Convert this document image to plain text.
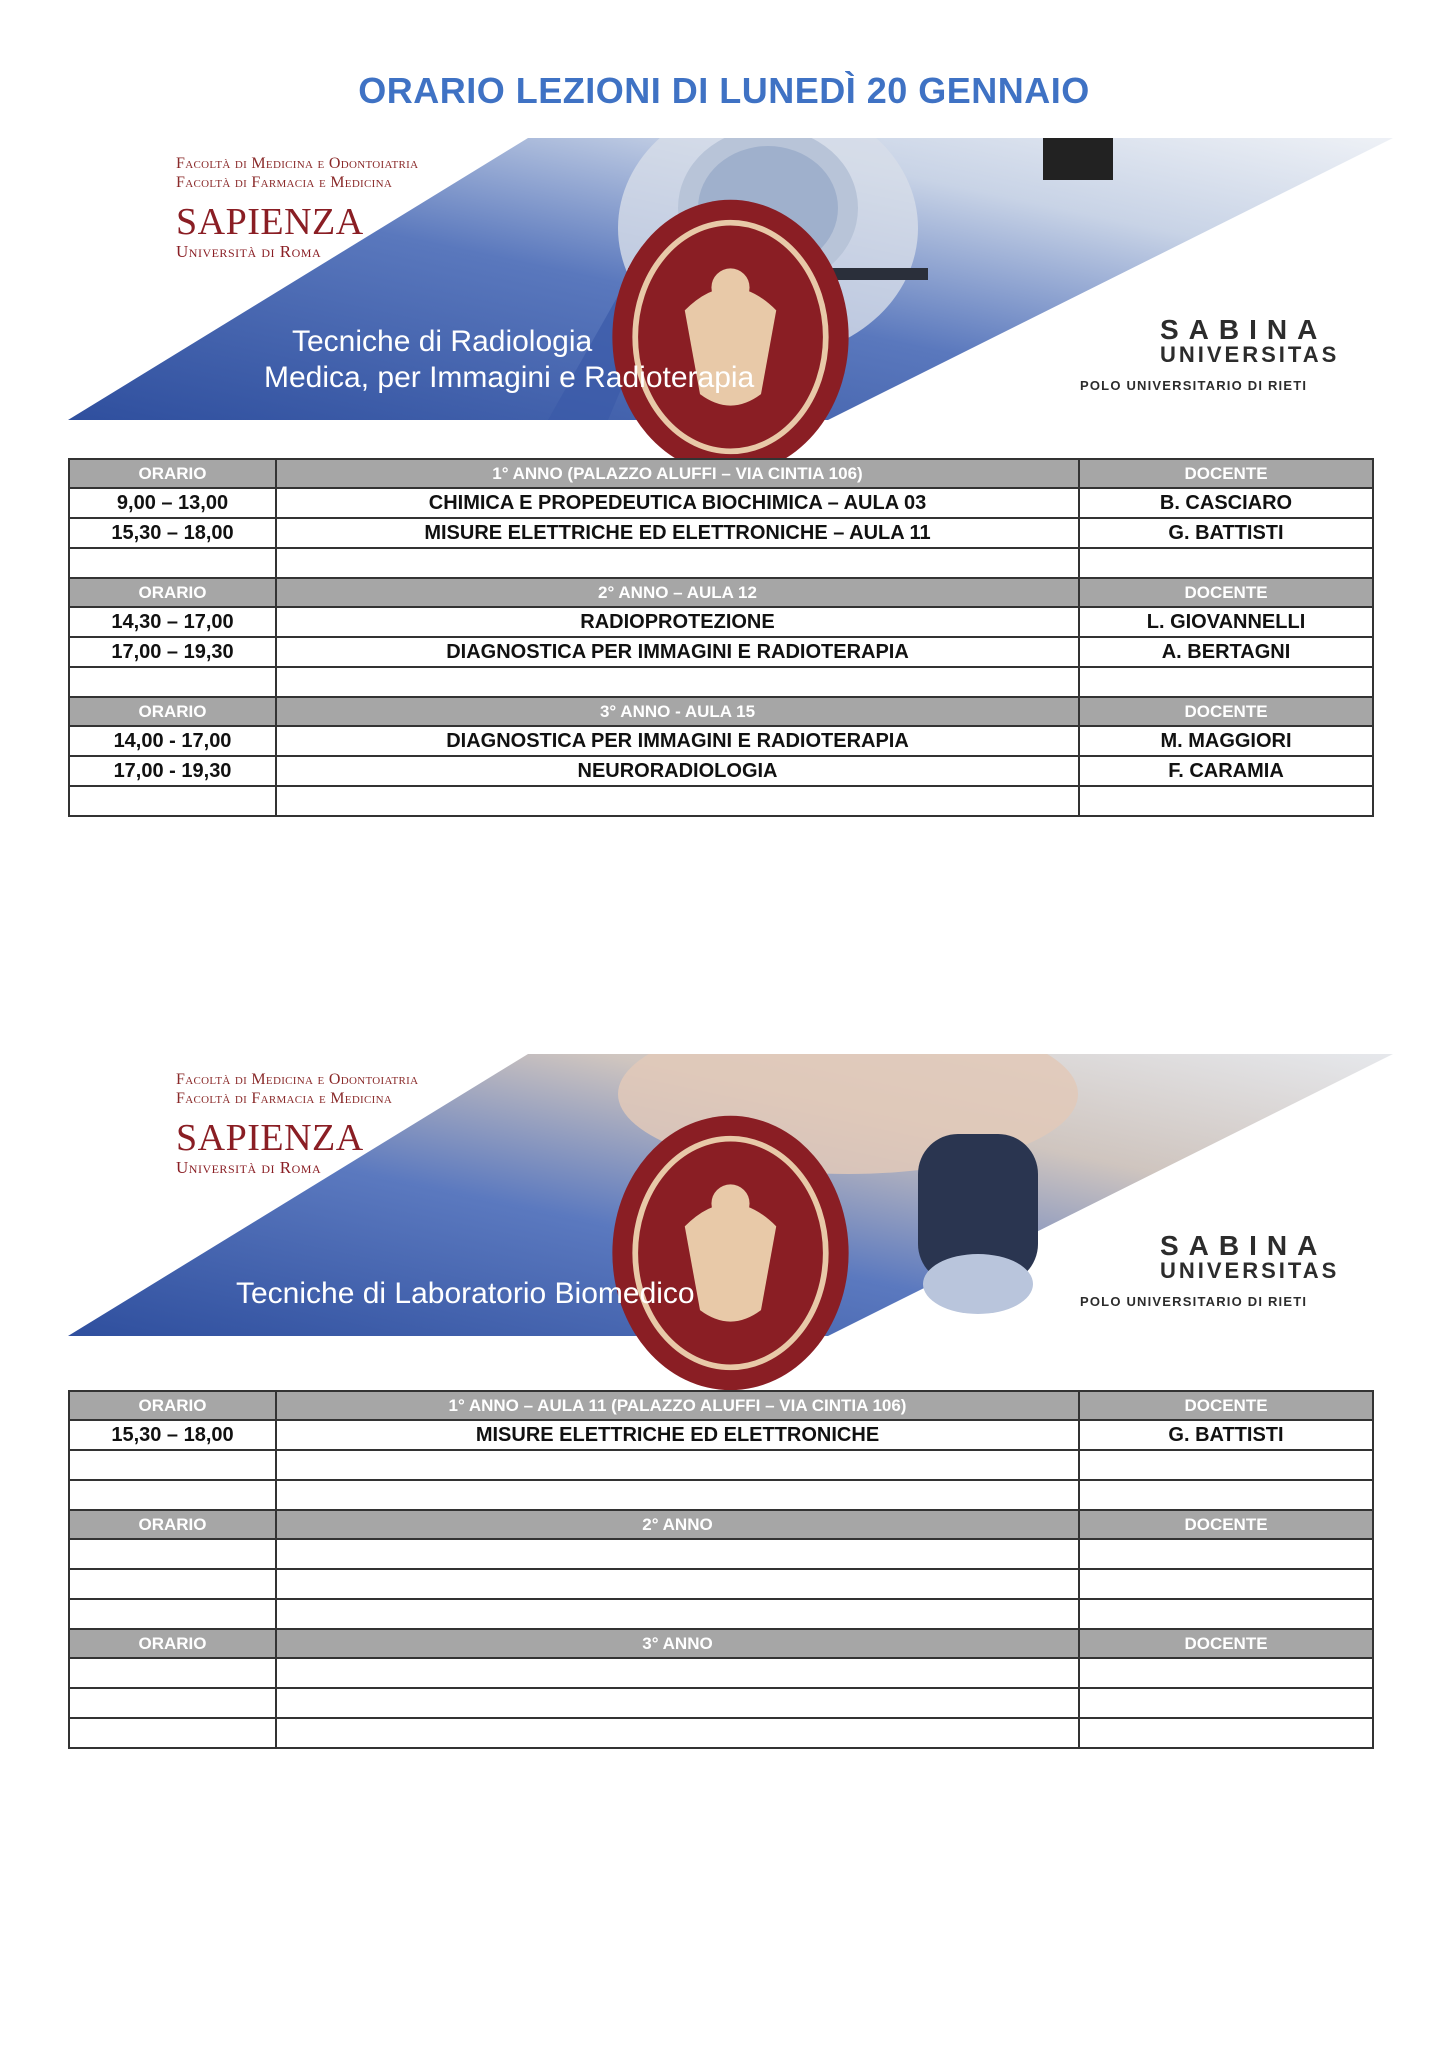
ORARIO LEZIONI DI LUNEDÌ 20 GENNAIO
Facoltà di Medicina e Odontoiatria
Facoltà di Farmacia e Medicina
SAPIENZA
Università di Roma
Tecniche di Radiologia
Medica, per Immagini e Radioterapia
SABINA
UNIVERSITAS
POLO UNIVERSITARIO DI RIETI
ORARIO	1° ANNO (PALAZZO ALUFFI – VIA CINTIA 106)	DOCENTE
9,00 – 13,00	CHIMICA E PROPEDEUTICA BIOCHIMICA – AULA 03	B. CASCIARO
15,30 – 18,00	MISURE ELETTRICHE ED ELETTRONICHE – AULA 11	G. BATTISTI

ORARIO	2° ANNO – AULA 12	DOCENTE
14,30 – 17,00	RADIOPROTEZIONE	L. GIOVANNELLI
17,00 – 19,30	DIAGNOSTICA PER IMMAGINI E RADIOTERAPIA	A. BERTAGNI

ORARIO	3° ANNO - AULA 15	DOCENTE
14,00 - 17,00	DIAGNOSTICA PER IMMAGINI E RADIOTERAPIA	M. MAGGIORI
17,00 - 19,30	NEURORADIOLOGIA	F. CARAMIA

Facoltà di Medicina e Odontoiatria
Facoltà di Farmacia e Medicina
SAPIENZA
Università di Roma
Tecniche di Laboratorio Biomedico
SABINA
UNIVERSITAS
POLO UNIVERSITARIO DI RIETI
ORARIO	1° ANNO – AULA 11 (PALAZZO ALUFFI – VIA CINTIA 106)	DOCENTE
15,30 – 18,00	MISURE ELETTRICHE ED ELETTRONICHE	G. BATTISTI

ORARIO	2° ANNO	DOCENTE

ORARIO	3° ANNO	DOCENTE
